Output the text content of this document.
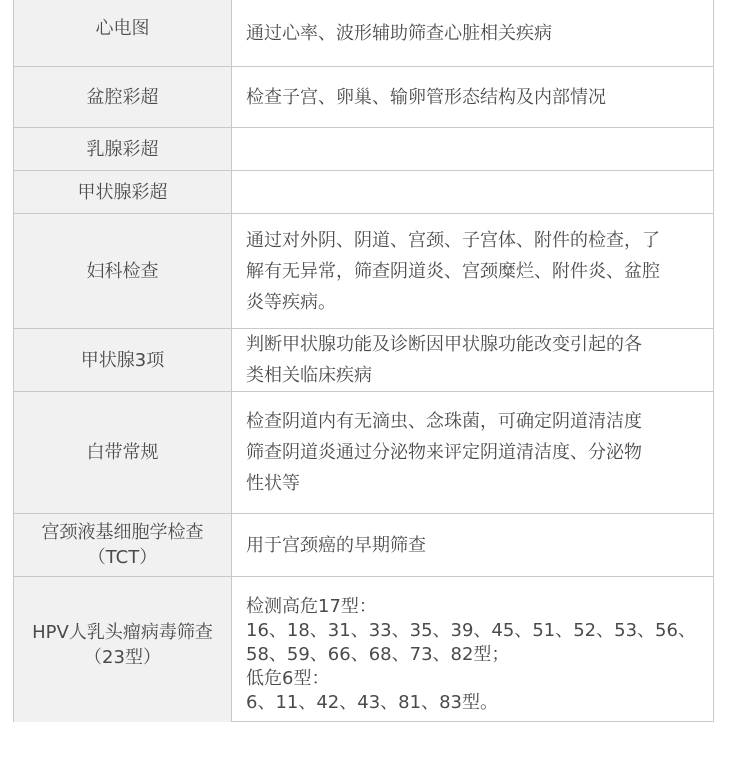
心电图	通过心率、波形辅助筛查心脏相关疾病
盆腔彩超	检查子宫、卵巢、输卵管形态结构及内部情况
乳腺彩超
甲状腺彩超
妇科检查
通过对外阴、阴道、宫颈、子宫体、附件的检查，了
解有无异常，筛查阴道炎、宫颈糜烂、附件炎、盆腔
炎等疾病。
甲状腺3项
判断甲状腺功能及诊断因甲状腺功能改变引起的各
类相关临床疾病
白带常规
检查阴道内有无滴虫、念珠菌，可确定阴道清洁度
筛查阴道炎通过分泌物来评定阴道清洁度、分泌物
性状等
宫颈液基细胞学检查
（TCT）
用于宫颈癌的早期筛查
HPV人乳头瘤病毒筛查
（23型）
检测高危17型：
16、18、31、33、35、39、45、51、52、53、56、
58、59、66、68、73、82型；
低危6型：
6、11、42、43、81、83型。
